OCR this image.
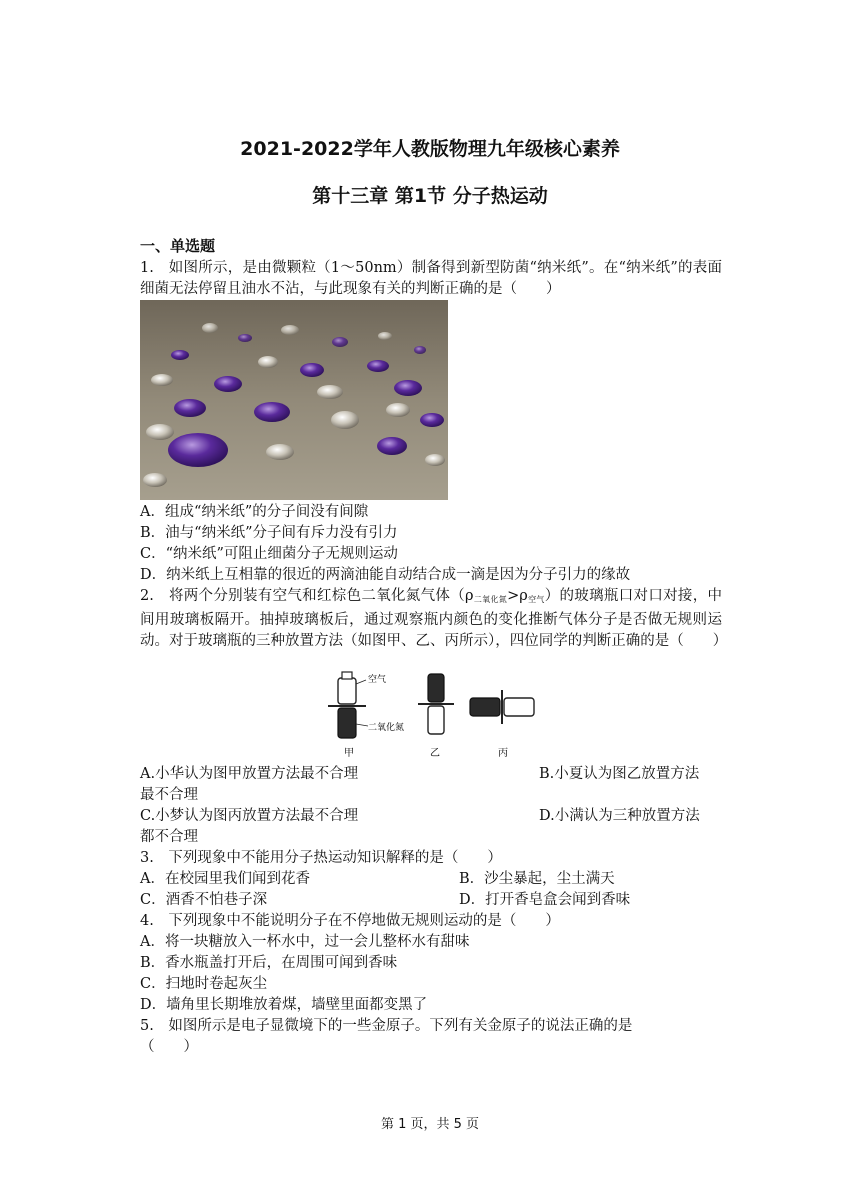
2021-2022学年人教版物理九年级核心素养
第十三章 第1节 分子热运动
一、单选题
1.　如图所示，是由微颗粒（1～50nm）制备得到新型防菌“纳米纸”。在“纳米纸”的表面细菌无法停留且油水不沾，与此现象有关的判断正确的是（　　）
A．组成“纳米纸”的分子间没有间隙
B．油与“纳米纸”分子间有斥力没有引力
C．“纳米纸”可阻止细菌分子无规则运动
D．纳米纸上互相靠的很近的两滴油能自动结合成一滴是因为分子引力的缘故
2.　将两个分别装有空气和红棕色二氧化氮气体$(\rho_{二氧化氮}>\rho_{空气})$的玻璃瓶口对口对接，中间用玻璃板隔开。抽掉玻璃板后，通过观察瓶内颜色的变化推断气体分子是否做无规则运动。对于玻璃瓶的三种放置方法（如图甲、乙、丙所示），四位同学的判断正确的是（　　）
空气
二氧化氮
甲	乙	丙
A.小华认为图甲放置方法最不合理	B.小夏认为图乙放置方法
最不合理
C.小梦认为图丙放置方法最不合理	D.小满认为三种放置方法
都不合理
3.　下列现象中不能用分子热运动知识解释的是（　　）
A．在校园里我们闻到花香	B．沙尘暴起，尘土满天
C．酒香不怕巷子深	D．打开香皂盒会闻到香味
4.　下列现象中不能说明分子在不停地做无规则运动的是（　　）
A．将一块糖放入一杯水中，过一会儿整杯水有甜味
B．香水瓶盖打开后，在周围可闻到香味
C．扫地时卷起灰尘
D．墙角里长期堆放着煤，墙壁里面都变黑了
5.　如图所示是电子显微境下的一些金原子。下列有关金原子的说法正确的是
（　　）
第 1 页，共 5 页
